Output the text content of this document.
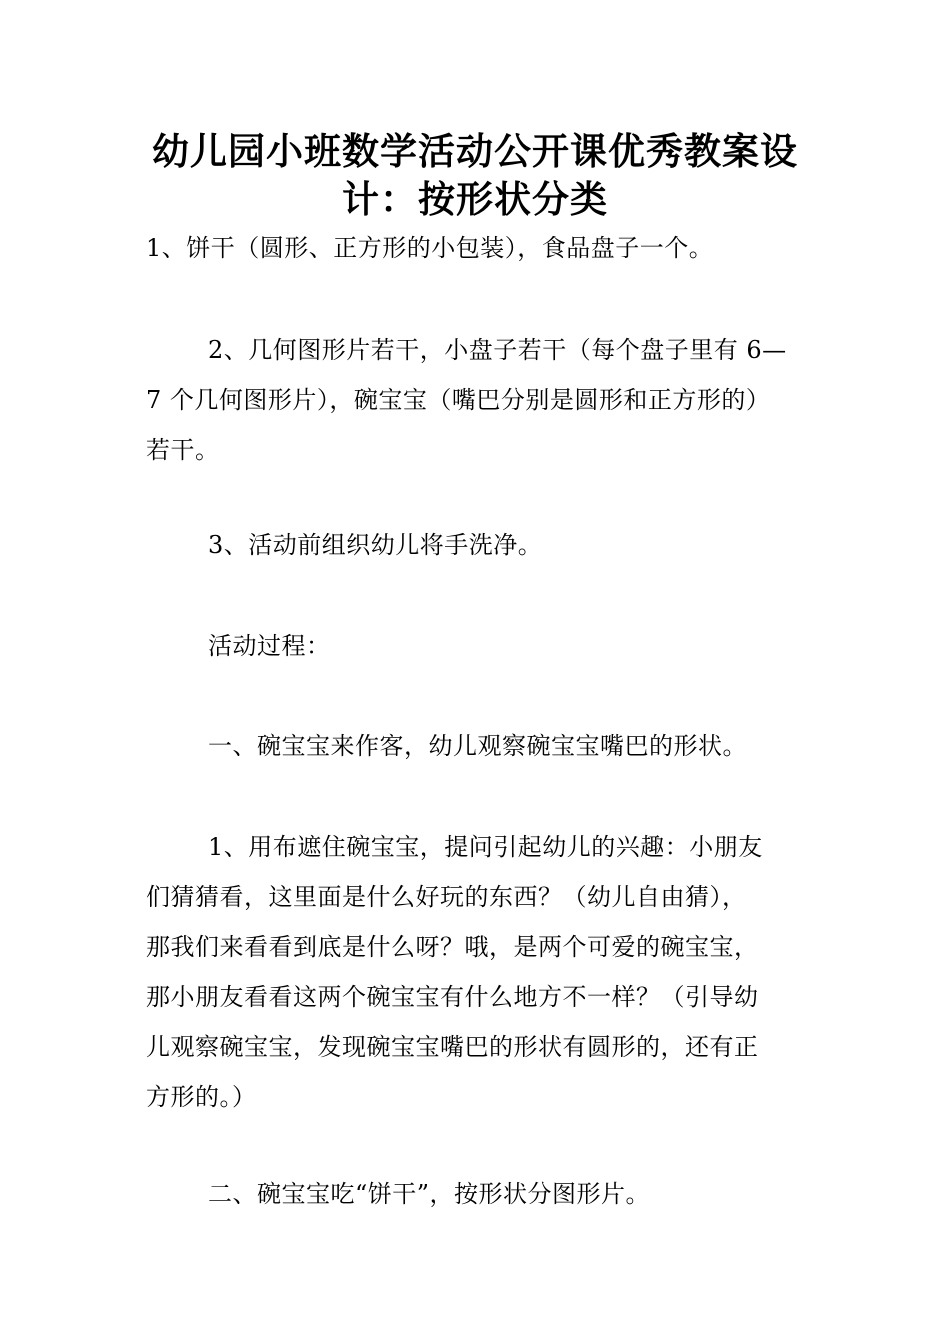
幼儿园小班数学活动公开课优秀教案设
计：按形状分类

1、饼干（圆形、正方形的小包装），食品盘子一个。

2、几何图形片若干，小盘子若干（每个盘子里有 6—
7 个几何图形片），碗宝宝（嘴巴分别是圆形和正方形的）
若干。

3、活动前组织幼儿将手洗净。

活动过程：

一、碗宝宝来作客，幼儿观察碗宝宝嘴巴的形状。

1、用布遮住碗宝宝，提问引起幼儿的兴趣：小朋友
们猜猜看，这里面是什么好玩的东西？（幼儿自由猜），
那我们来看看到底是什么呀？哦，是两个可爱的碗宝宝，
那小朋友看看这两个碗宝宝有什么地方不一样？（引导幼
儿观察碗宝宝，发现碗宝宝嘴巴的形状有圆形的，还有正
方形的。）

二、碗宝宝吃“饼干”，按形状分图形片。
